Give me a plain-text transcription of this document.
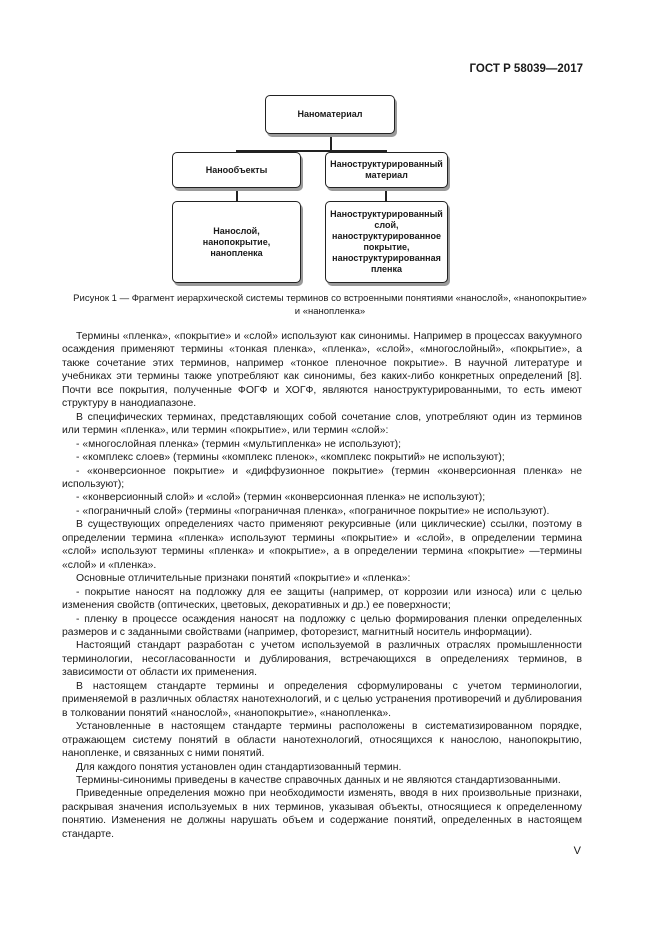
ГОСТ Р 58039—2017
Наноматериал
Нанообъекты
Наноструктурированный материал
Нанослой, нанопокрытие, нанопленка
Наноструктурированный слой, наноструктурированное покрытие, наноструктурированная пленка
Рисунок 1 — Фрагмент иерархической системы терминов со встроенными понятиями «нанослой», «нанопокрытие» и «нанопленка»

Термины «пленка», «покрытие» и «слой» используют как синонимы. Например в процессах вакуумного осаждения применяют термины «тонкая пленка», «пленка», «слой», «многослойный», «покрытие», а также сочетание этих терминов, например «тонкое пленочное покрытие». В научной литературе и учебниках эти термины также употребляют как синонимы, без каких-либо конкретных определений [8]. Почти все покрытия, полученные ФОГФ и ХОГФ, являются наноструктурированными, то есть имеют структуру в нанодиапазоне.

В специфических терминах, представляющих собой сочетание слов, употребляют один из терминов или термин «пленка», или термин «покрытие», или термин «слой»:

- «многослойная пленка» (термин «мультипленка» не используют);

- «комплекс слоев» (термины «комплекс пленок», «комплекс покрытий» не используют);

- «конверсионное покрытие» и «диффузионное покрытие» (термин «конверсионная пленка» не используют);

- «конверсионный слой» и «слой» (термин «конверсионная пленка» не используют);

- «пограничный слой» (термины «пограничная пленка», «пограничное покрытие» не используют).

В существующих определениях часто применяют рекурсивные (или циклические) ссылки, поэтому в определении термина «пленка» используют термины «покрытие» и «слой», в определении термина «слой» используют термины «пленка» и «покрытие», а в определении термина «покрытие» —термины «слой» и «пленка».

Основные отличительные признаки понятий «покрытие» и «пленка»:

- покрытие наносят на подложку для ее защиты (например, от коррозии или износа) или с целью изменения свойств (оптических, цветовых, декоративных и др.) ее поверхности;

- пленку в процессе осаждения наносят на подложку с целью формирования пленки определенных размеров и с заданными свойствами (например, фоторезист, магнитный носитель информации).

Настоящий стандарт разработан с учетом используемой в различных отраслях промышленности терминологии, несогласованности и дублирования, встречающихся в определениях терминов, в зависимости от области их применения.

В настоящем стандарте термины и определения сформулированы с учетом терминологии, применяемой в различных областях нанотехнологий, и с целью устранения противоречий и дублирования в толковании понятий «нанослой», «нанопокрытие», «нанопленка».

Установленные в настоящем стандарте термины расположены в систематизированном порядке, отражающем систему понятий в области нанотехнологий, относящихся к нанослою, нанопокрытию, нанопленке, и связанных с ними понятий.

Для каждого понятия установлен один стандартизованный термин.

Термины-синонимы приведены в качестве справочных данных и не являются стандартизованными.

Приведенные определения можно при необходимости изменять, вводя в них произвольные признаки, раскрывая значения используемых в них терминов, указывая объекты, относящиеся к определенному понятию. Изменения не должны нарушать объем и содержание понятий, определенных в настоящем стандарте.

V
